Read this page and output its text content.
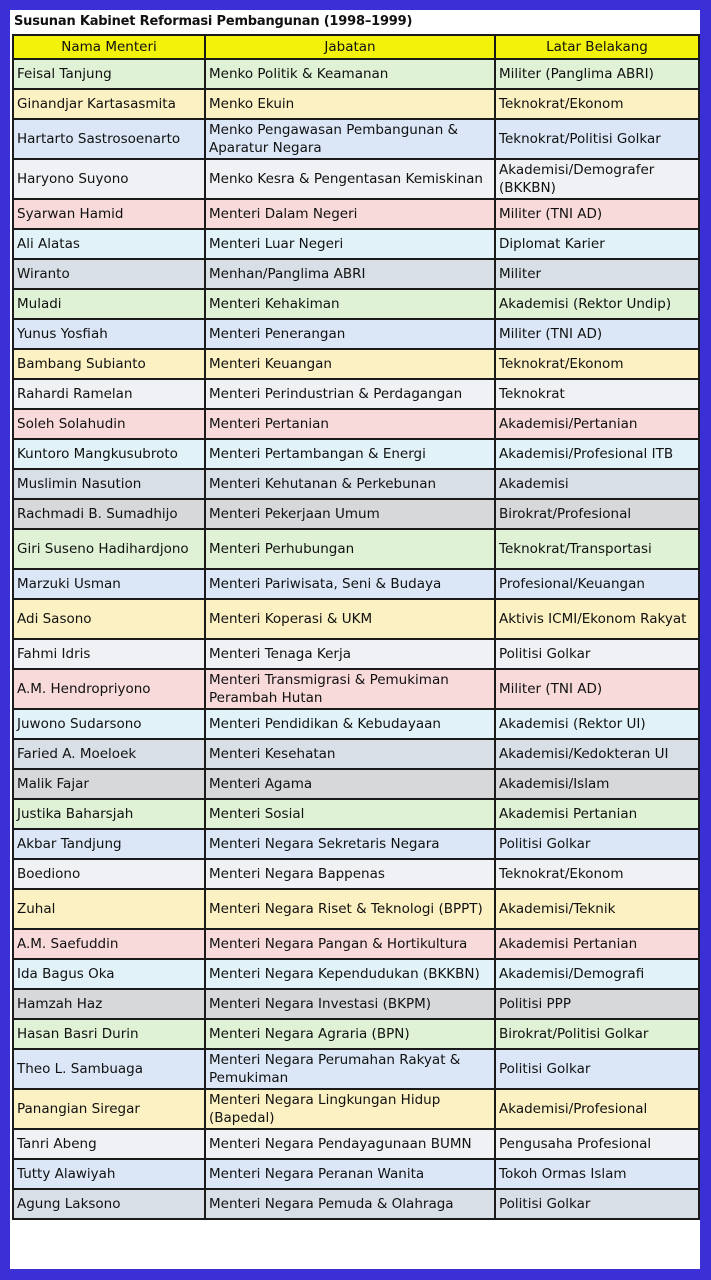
Susunan Kabinet Reformasi Pembangunan (1998–1999)
Nama Menteri	Jabatan	Latar Belakang
Feisal Tanjung	Menko Politik & Keamanan	Militer (Panglima ABRI)
Ginandjar Kartasasmita	Menko Ekuin	Teknokrat/Ekonom
Hartarto Sastrosoenarto	Menko Pengawasan Pembangunan & Aparatur Negara	Teknokrat/Politisi Golkar
Haryono Suyono	Menko Kesra & Pengentasan Kemiskinan	Akademisi/Demografer (BKKBN)
Syarwan Hamid	Menteri Dalam Negeri	Militer (TNI AD)
Ali Alatas	Menteri Luar Negeri	Diplomat Karier
Wiranto	Menhan/Panglima ABRI	Militer
Muladi	Menteri Kehakiman	Akademisi (Rektor Undip)
Yunus Yosfiah	Menteri Penerangan	Militer (TNI AD)
Bambang Subianto	Menteri Keuangan	Teknokrat/Ekonom
Rahardi Ramelan	Menteri Perindustrian & Perdagangan	Teknokrat
Soleh Solahudin	Menteri Pertanian	Akademisi/Pertanian
Kuntoro Mangkusubroto	Menteri Pertambangan & Energi	Akademisi/Profesional ITB
Muslimin Nasution	Menteri Kehutanan & Perkebunan	Akademisi
Rachmadi B. Sumadhijo	Menteri Pekerjaan Umum	Birokrat/Profesional
Giri Suseno Hadihardjono	Menteri Perhubungan	Teknokrat/Transportasi
Marzuki Usman	Menteri Pariwisata, Seni & Budaya	Profesional/Keuangan
Adi Sasono	Menteri Koperasi & UKM	Aktivis ICMI/Ekonom Rakyat
Fahmi Idris	Menteri Tenaga Kerja	Politisi Golkar
A.M. Hendropriyono	Menteri Transmigrasi & Pemukiman Perambah Hutan	Militer (TNI AD)
Juwono Sudarsono	Menteri Pendidikan & Kebudayaan	Akademisi (Rektor UI)
Faried A. Moeloek	Menteri Kesehatan	Akademisi/Kedokteran UI
Malik Fajar	Menteri Agama	Akademisi/Islam
Justika Baharsjah	Menteri Sosial	Akademisi Pertanian
Akbar Tandjung	Menteri Negara Sekretaris Negara	Politisi Golkar
Boediono	Menteri Negara Bappenas	Teknokrat/Ekonom
Zuhal	Menteri Negara Riset & Teknologi (BPPT)	Akademisi/Teknik
A.M. Saefuddin	Menteri Negara Pangan & Hortikultura	Akademisi Pertanian
Ida Bagus Oka	Menteri Negara Kependudukan (BKKBN)	Akademisi/Demografi
Hamzah Haz	Menteri Negara Investasi (BKPM)	Politisi PPP
Hasan Basri Durin	Menteri Negara Agraria (BPN)	Birokrat/Politisi Golkar
Theo L. Sambuaga	Menteri Negara Perumahan Rakyat & Pemukiman	Politisi Golkar
Panangian Siregar	Menteri Negara Lingkungan Hidup (Bapedal)	Akademisi/Profesional
Tanri Abeng	Menteri Negara Pendayagunaan BUMN	Pengusaha Profesional
Tutty Alawiyah	Menteri Negara Peranan Wanita	Tokoh Ormas Islam
Agung Laksono	Menteri Negara Pemuda & Olahraga	Politisi Golkar
